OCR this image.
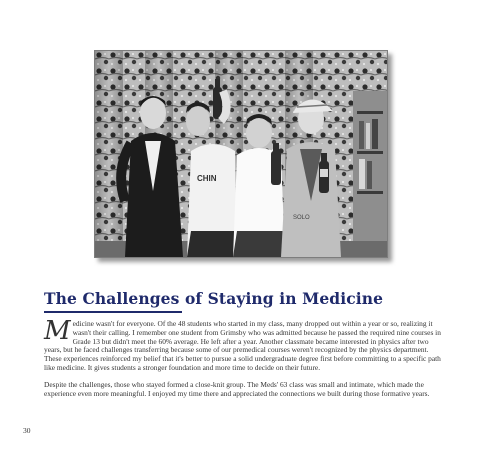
CHIN
SOLO
The Challenges of Staying in Medicine

Medicine wasn't for everyone. Of the 48 students who started in my class, many dropped out within a year or so, realizing it wasn't their calling. I remember one student from Grimsby who was admitted because he passed the required nine courses in Grade 13 but didn't meet the 60% average. He left after a year. Another classmate became interested in physics after two years, but he faced challenges transferring because some of our premedical courses weren't recognized by the physics department. These experiences reinforced my belief that it's better to pursue a solid undergraduate degree first before committing to a specific path like medicine. It gives students a stronger foundation and more time to decide on their future.

Despite the challenges, those who stayed formed a close-knit group. The Meds' 63 class was small and intimate, which made the experience even more meaningful. I enjoyed my time there and appreciated the connections we built during those formative years.

30
